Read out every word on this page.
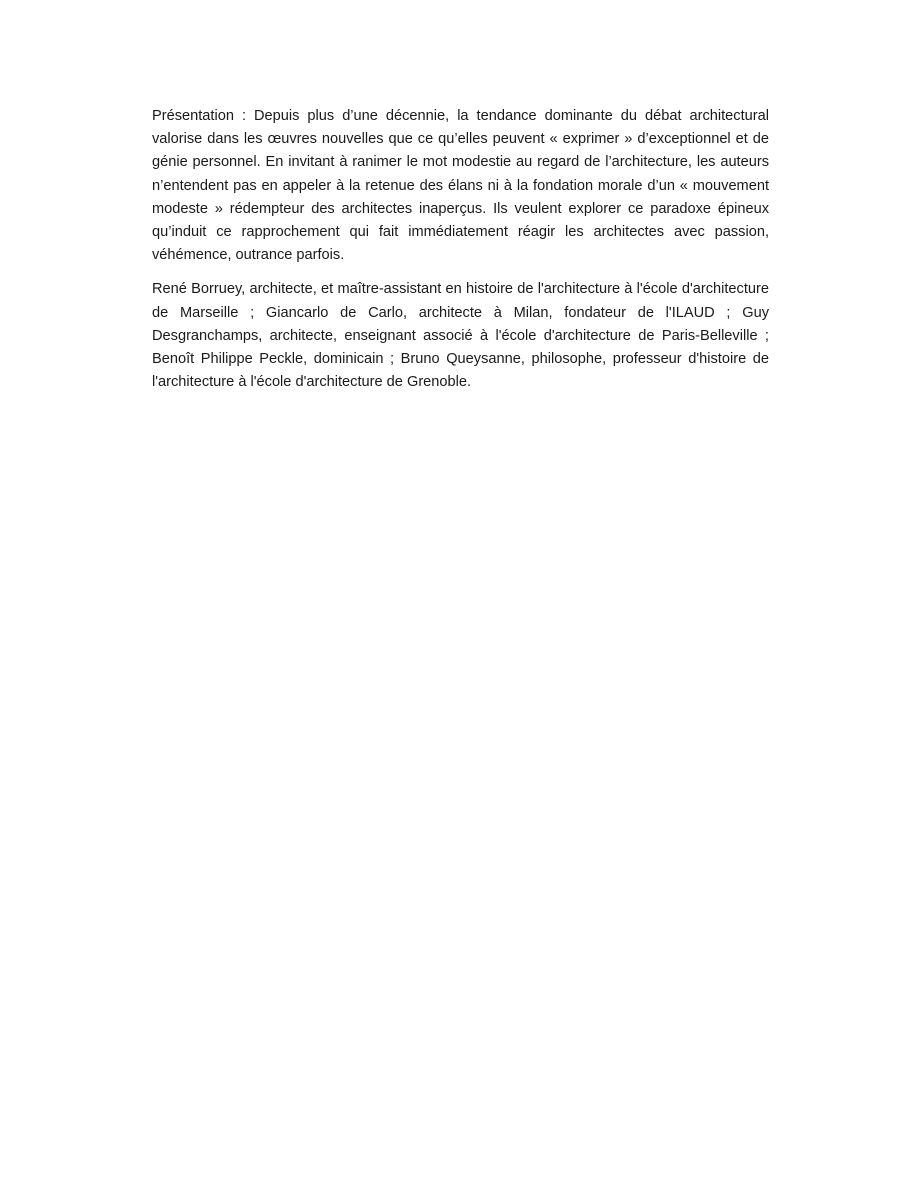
Présentation : Depuis plus d’une décennie, la tendance dominante du débat architectural valorise dans les œuvres nouvelles que ce qu’elles peuvent « exprimer » d’exceptionnel et de génie personnel. En invitant à ranimer le mot modestie au regard de l’architecture, les auteurs n’entendent pas en appeler à la retenue des élans ni à la fondation morale d’un « mouvement modeste » rédempteur des architectes inaperçus. Ils veulent explorer ce paradoxe épineux qu’induit ce rapprochement qui fait immédiatement réagir les architectes avec passion, véhémence, outrance parfois.

René Borruey, architecte, et maître-assistant en histoire de l'architecture à l'école d'architecture de Marseille ; Giancarlo de Carlo, architecte à Milan, fondateur de l'ILAUD ; Guy Desgranchamps, architecte, enseignant associé à l'école d'architecture de Paris-Belleville ; Benoît Philippe Peckle, dominicain ; Bruno Queysanne, philosophe, professeur d'histoire de l'architecture à l'école d'architecture de Grenoble.
